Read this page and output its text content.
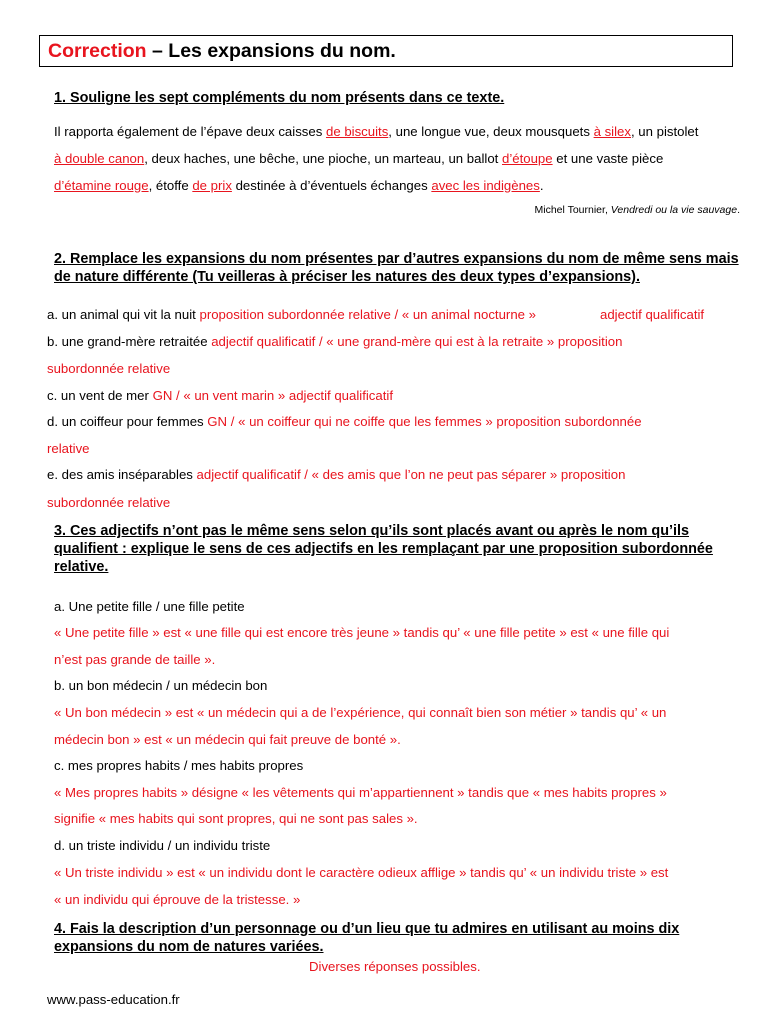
Correction – Les expansions du nom.
1. Souligne les sept compléments du nom présents dans ce texte.
Il rapporta également de l’épave deux caisses de biscuits, une longue vue, deux mousquets à silex, un pistolet
à double canon, deux haches, une bêche, une pioche, un marteau, un ballot d’étoupe et une vaste pièce
d’étamine rouge, étoffe de prix destinée à d’éventuels échanges avec les indigènes.
Michel Tournier, Vendredi ou la vie sauvage.
2. Remplace les expansions du nom présentes par d’autres expansions du nom de même sens mais de nature différente (Tu veilleras à préciser les natures des deux types d’expansions).
a. un animal qui vit la nuit proposition subordonnée relative / « un animal nocturne »	adjectif qualificatif
b. une grand-mère retraitée adjectif qualificatif / « une grand-mère qui est à la retraite » proposition
subordonnée relative
c. un vent de mer GN / « un vent marin » adjectif qualificatif
d. un coiffeur pour femmes GN / « un coiffeur qui ne coiffe que les femmes » proposition subordonnée
relative
e. des amis inséparables adjectif qualificatif / « des amis que l’on ne peut pas séparer » proposition
subordonnée relative
3. Ces adjectifs n’ont pas le même sens selon qu’ils sont placés avant ou après le nom qu’ils qualifient : explique le sens de ces adjectifs en les remplaçant par une proposition subordonnée relative.
a. Une petite fille / une fille petite
« Une petite fille » est « une fille qui est encore très jeune » tandis qu’ « une fille petite » est « une fille qui
n’est pas grande de taille ».
b. un bon médecin / un médecin bon
« Un bon médecin » est « un médecin qui a de l’expérience, qui connaît bien son métier » tandis qu’ « un
médecin bon » est « un médecin qui fait preuve de bonté ».
c. mes propres habits / mes habits propres
« Mes propres habits » désigne « les vêtements qui m’appartiennent » tandis que « mes habits propres »
signifie « mes habits qui sont propres, qui ne sont pas sales ».
d. un triste individu / un individu triste
« Un triste individu » est « un individu dont le caractère odieux afflige » tandis qu’ « un individu triste » est
« un individu qui éprouve de la tristesse. »
4. Fais la description d’un personnage ou d’un lieu que tu admires en utilisant au moins dix expansions du nom de natures variées.
Diverses réponses possibles.
www.pass-education.fr
